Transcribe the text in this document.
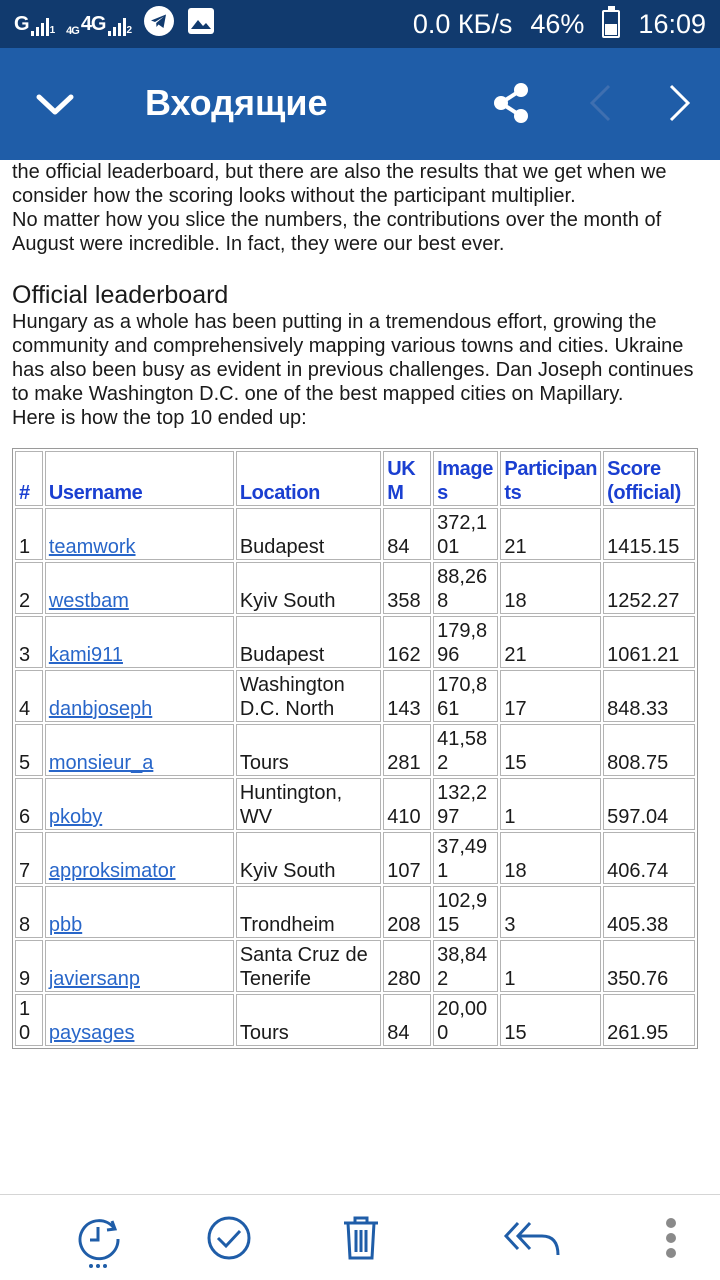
G 1 4G 4G 2	0.0 КБ/s 46% 16:09
Входящие

the official leaderboard, but there are also the results that we get when we consider how the scoring looks without the participant multiplier.

No matter how you slice the numbers, the contributions over the month of August were incredible. In fact, they were our best ever.

Official leaderboard

Hungary as a whole has been putting in a tremendous effort, growing the community and comprehensively mapping various towns and cities. Ukraine has also been busy as evident in previous challenges. Dan Joseph continues to make Washington D.C. one of the best mapped cities on Mapillary.

Here is how the top 10 ended up:

#	Username	Location	UKM	Images	Participants	Score (official)
1	teamwork	Budapest	84	372,101	21	1415.15
2	westbam	Kyiv South	358	88,268	18	1252.27
3	kami911	Budapest	162	179,896	21	1061.21
4	danbjoseph	Washington D.C. North	143	170,861	17	848.33
5	monsieur_a	Tours	281	41,582	15	808.75
6	pkoby	Huntington, WV	410	132,297	1	597.04
7	approksimator	Kyiv South	107	37,491	18	406.74
8	pbb	Trondheim	208	102,915	3	405.38
9	javiersanp	Santa Cruz de Tenerife	280	38,842	1	350.76
10	paysages	Tours	84	20,000	15	261.95
